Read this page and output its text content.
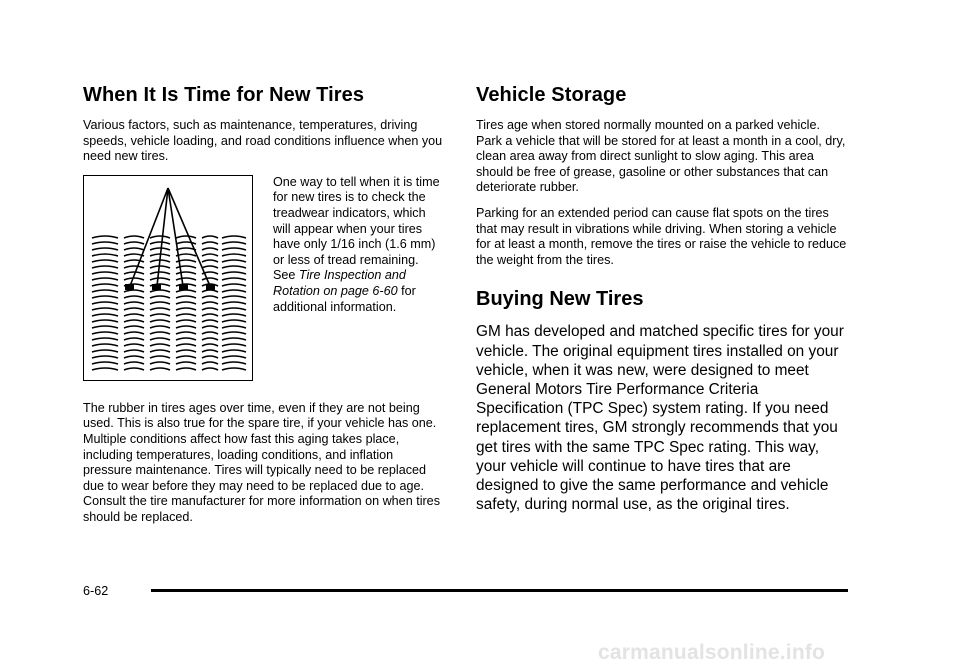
When It Is Time for New Tires

Various factors, such as maintenance, temperatures, driving speeds, vehicle loading, and road conditions influence when you need new tires.

One way to tell when it is time for new tires is to check the treadwear indicators, which will appear when your tires have only 1/16 inch (1.6 mm) or less of tread remaining. See Tire Inspection and Rotation on page 6‑60 for additional information.

The rubber in tires ages over time, even if they are not being used. This is also true for the spare tire, if your vehicle has one. Multiple conditions affect how fast this aging takes place, including temperatures, loading conditions, and inflation pressure maintenance. Tires will typically need to be replaced due to wear before they may need to be replaced due to age. Consult the tire manufacturer for more information on when tires should be replaced.

Vehicle Storage

Tires age when stored normally mounted on a parked vehicle. Park a vehicle that will be stored for at least a month in a cool, dry, clean area away from direct sunlight to slow aging. This area should be free of grease, gasoline or other substances that can deteriorate rubber.

Parking for an extended period can cause flat spots on the tires that may result in vibrations while driving. When storing a vehicle for at least a month, remove the tires or raise the vehicle to reduce the weight from the tires.

Buying New Tires

GM has developed and matched specific tires for your vehicle. The original equipment tires installed on your vehicle, when it was new, were designed to meet General Motors Tire Performance Criteria Specification (TPC Spec) system rating. If you need replacement tires, GM strongly recommends that you get tires with the same TPC Spec rating. This way, your vehicle will continue to have tires that are designed to give the same performance and vehicle safety, during normal use, as the original tires.

6-62
carmanualsonline.info
